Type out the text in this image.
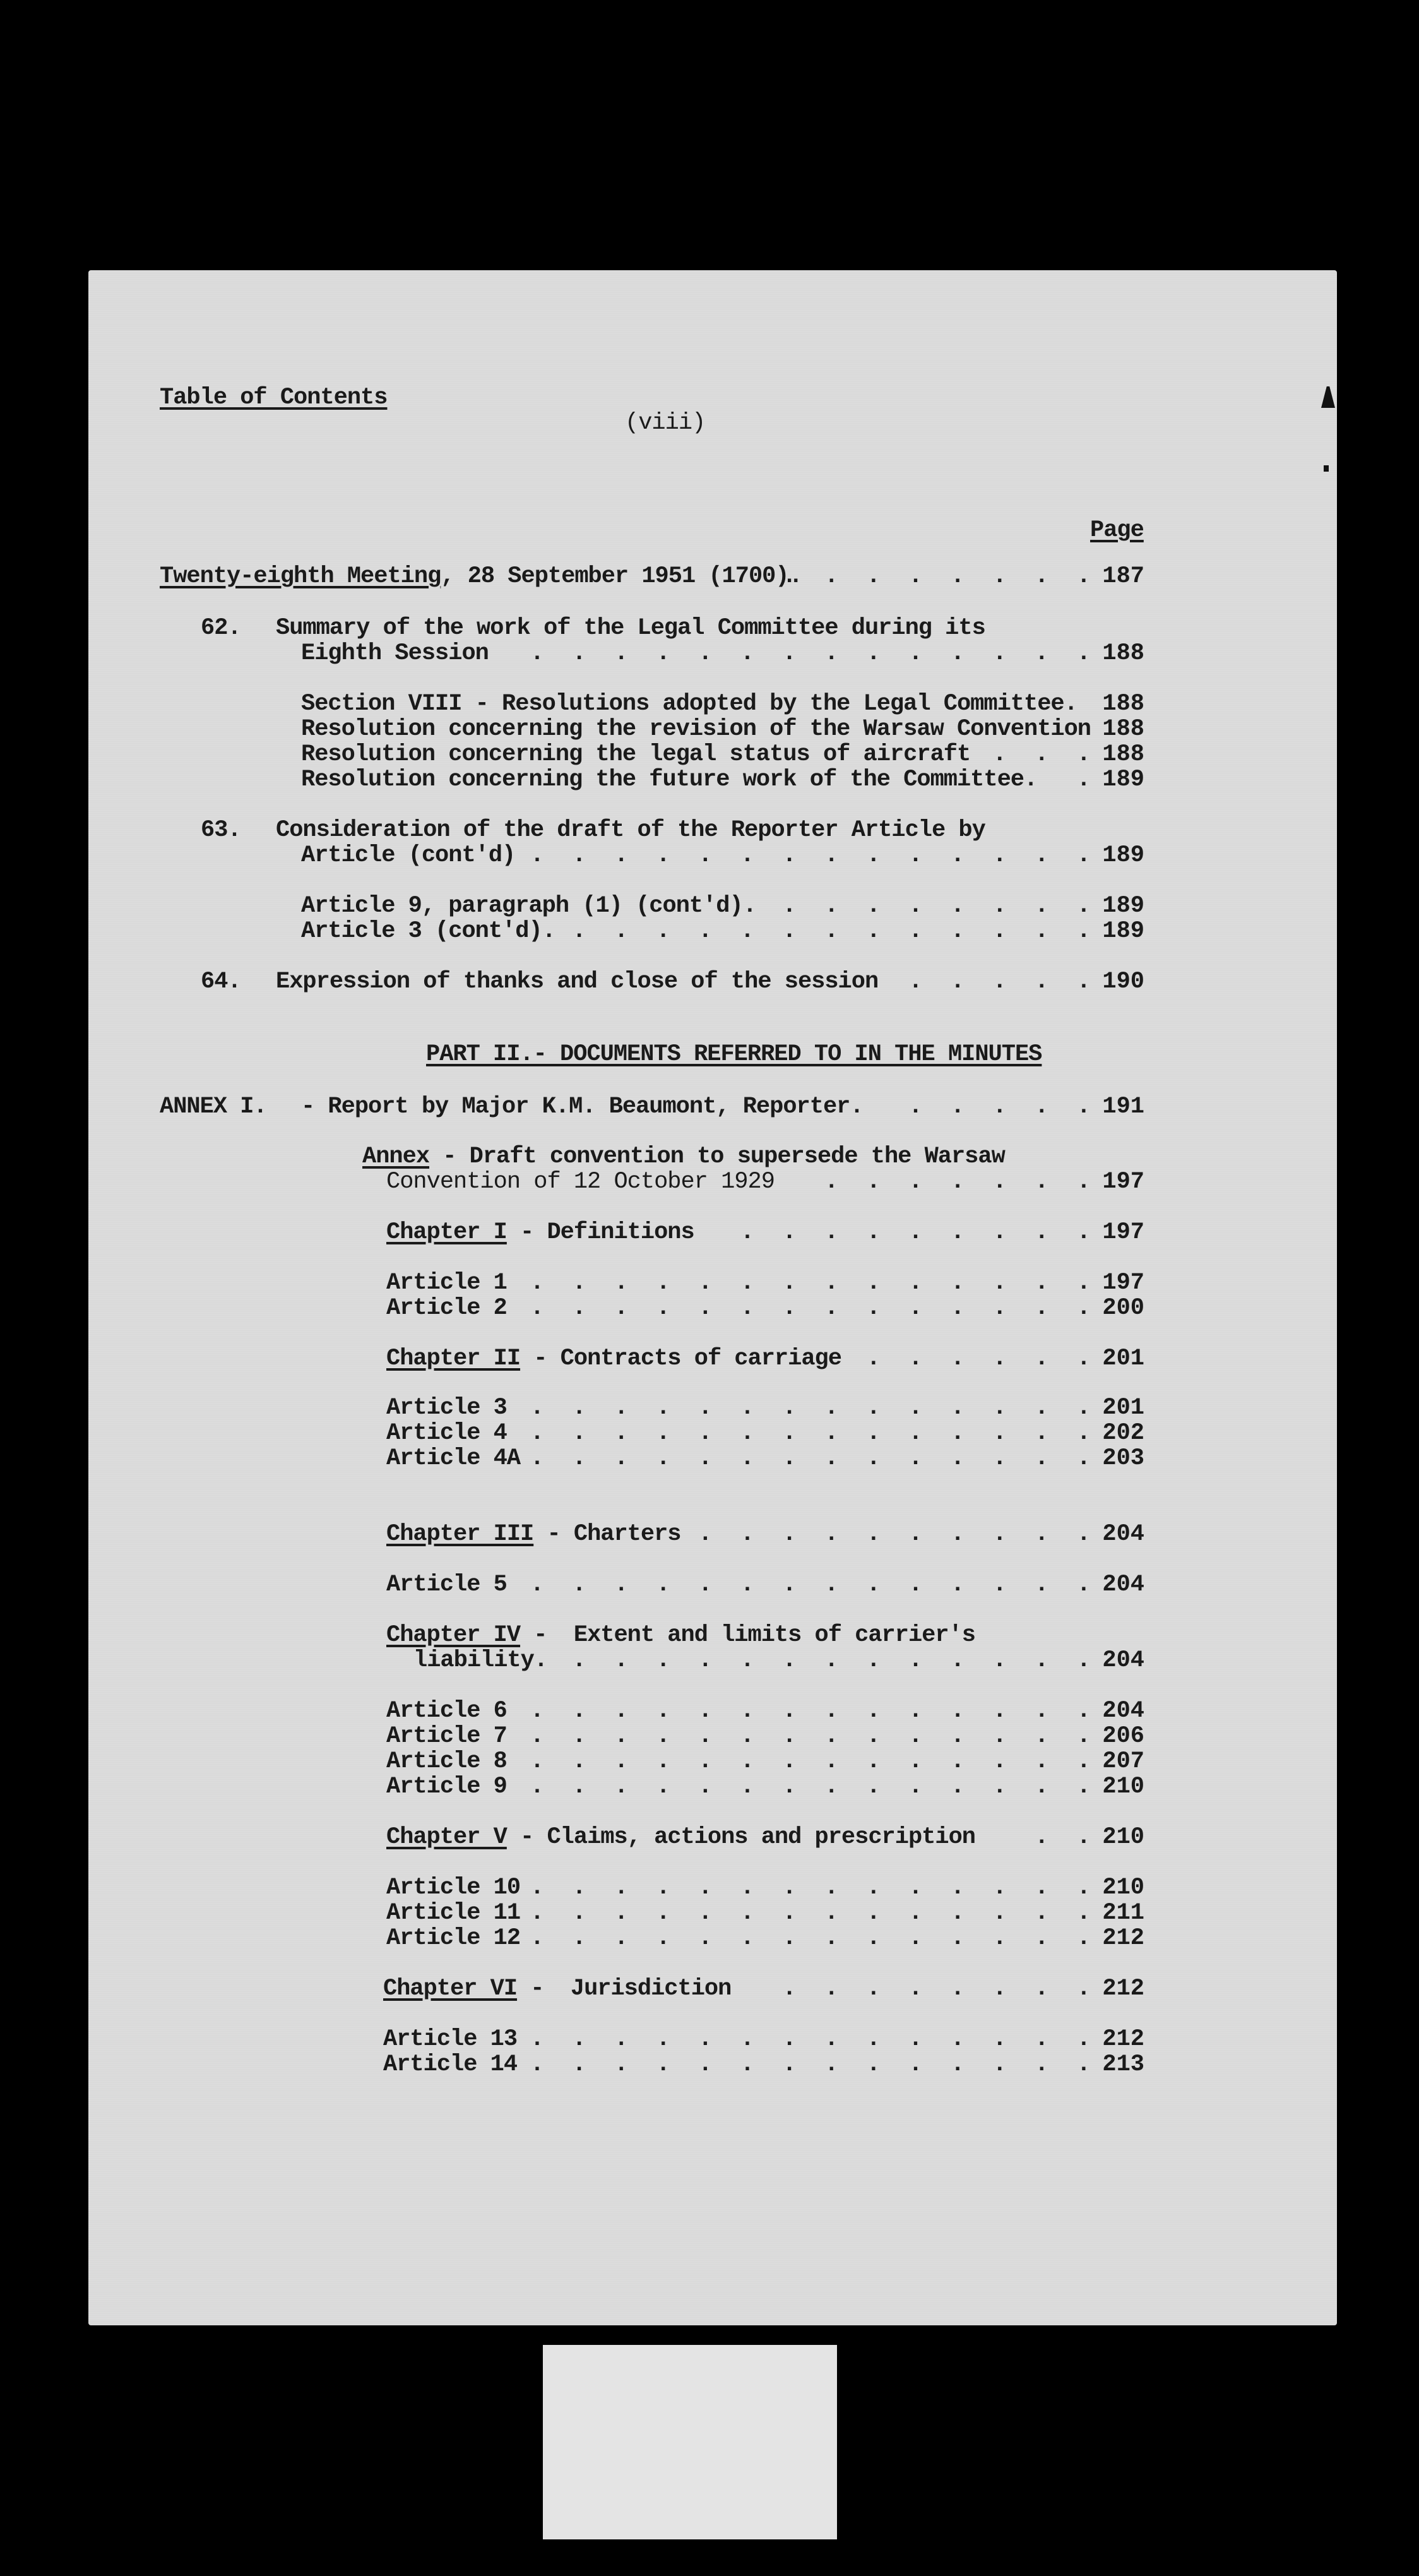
Table of Contents
(viii)
Page
Twenty-eighth Meeting, 28 September 1951 (1700).
.  .  .  .  .  .  .  . 187
62. Summary of the work of the Legal Committee during its
Eighth Session .  .  .  .  .  .  .  .  .  .  .  .  .  . 188
Section VIII - Resolutions adopted by the Legal Committee.	188
Resolution concerning the revision of the Warsaw Convention 188
Resolution concerning the legal status of aircraft .  .  . 188
Resolution concerning the future work of the Committee. . 189
63. Consideration of the draft of the Reporter Article by
Article (cont'd) .  .  .  .  .  .  .  .  .  .  .  .  .  . 189
Article 9, paragraph (1) (cont'd). .  .  .  .  .  .  .  . 189
Article 3 (cont'd). .  .  .  .  .  .  .  .  .  .  .  .  . 189
64. Expression of thanks and close of the session .  .  .  .  . 190
PART II.- DOCUMENTS REFERRED TO IN THE MINUTES
ANNEX I. - Report by Major K.M. Beaumont, Reporter. .  .  .  .  . 191
Annex - Draft convention to supersede the Warsaw
Convention of 12 October 1929 .  .  .  .  .  .  . 197
Chapter I - Definitions .  .  .  .  .  .  .  .  . 197
Article 1 .  .  .  .  .  .  .  .  .  .  .  .  .  . 197
Article 2 .  .  .  .  .  .  .  .  .  .  .  .  .  . 200
Chapter II - Contracts of carriage .  .  .  .  .  . 201
Article 3 .  .  .  .  .  .  .  .  .  .  .  .  .  . 201
Article 4 .  .  .  .  .  .  .  .  .  .  .  .  .  . 202
Article 4A .  .  .  .  .  .  .  .  .  .  .  .  .  . 203
Chapter III - Charters .  .  .  .  .  .  .  .  .  . 204
Article 5 .  .  .  .  .  .  .  .  .  .  .  .  .  . 204
Chapter IV -  Extent and limits of carrier's
liability. .  .  .  .  .  .  .  .  .  .  .  .  . 204
Article 6 .  .  .  .  .  .  .  .  .  .  .  .  .  . 204
Article 7 .  .  .  .  .  .  .  .  .  .  .  .  .  . 206
Article 8 .  .  .  .  .  .  .  .  .  .  .  .  .  . 207
Article 9 .  .  .  .  .  .  .  .  .  .  .  .  .  . 210
Chapter V - Claims, actions and prescription	.  . 210
Article 10 .  .  .  .  .  .  .  .  .  .  .  .  .  . 210
Article 11 .  .  .  .  .  .  .  .  .  .  .  .  .  . 211
Article 12 .  .  .  .  .  .  .  .  .  .  .  .  .  . 212
Chapter VI -  Jurisdiction .  .  .  .  .  .  .  . 212
Article 13 .  .  .  .  .  .  .  .  .  .  .  .  .  . 212
Article 14 .  .  .  .  .  .  .  .  .  .  .  .  .  . 213
